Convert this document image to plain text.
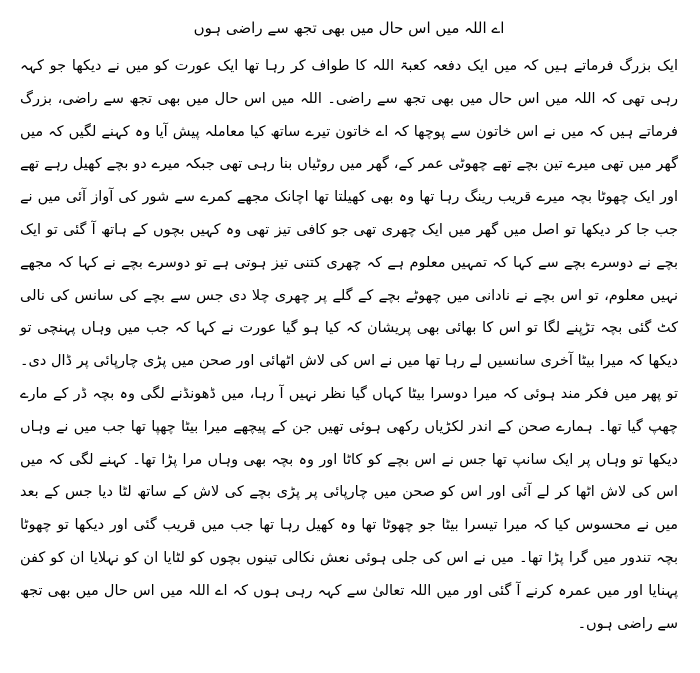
اے اللہ میں اس حال میں بھی تجھ سے راضی ہوں

ایک بزرگ فرماتے ہیں کہ میں ایک دفعہ کعبۃ اللہ کا طواف کر رہا تھا ایک عورت کو میں نے دیکھا جو کہہ رہی تھی کہ اللہ میں اس حال میں بھی تجھ سے راضی۔ اللہ میں اس حال میں بھی تجھ سے راضی، بزرگ فرماتے ہیں کہ میں نے اس خاتون سے پوچھا کہ اے خاتون تیرے ساتھ کیا معاملہ پیش آیا وہ کہنے لگیں کہ میں گھر میں تھی میرے تین بچے تھے چھوٹی عمر کے، گھر میں روٹیاں بنا رہی تھی جبکہ میرے دو بچے کھیل رہے تھے اور ایک چھوٹا بچہ میرے قریب رینگ رہا تھا وہ بھی کھیلتا تھا اچانک مجھے کمرے سے شور کی آواز آئی میں نے جب جا کر دیکھا تو اصل میں گھر میں ایک چھری تھی جو کافی تیز تھی وہ کہیں بچوں کے ہاتھ آ گئی تو ایک بچے نے دوسرے بچے سے کہا کہ تمہیں معلوم ہے کہ چھری کتنی تیز ہوتی ہے تو دوسرے بچے نے کہا کہ مجھے نہیں معلوم، تو اس بچے نے نادانی میں چھوٹے بچے کے گلے پر چھری چلا دی جس سے بچے کی سانس کی نالی کٹ گئی بچہ تڑپنے لگا تو اس کا بھائی بھی پریشان کہ کیا ہو گیا عورت نے کہا کہ جب میں وہاں پہنچی تو دیکھا کہ میرا بیٹا آخری سانسیں لے رہا تھا میں نے اس کی لاش اٹھائی اور صحن میں پڑی چارپائی پر ڈال دی۔ تو پھر میں فکر مند ہوئی کہ میرا دوسرا بیٹا کہاں گیا نظر نہیں آ رہا، میں ڈھونڈنے لگی وہ بچہ ڈر کے مارے چھپ گیا تھا۔ ہمارے صحن کے اندر لکڑیاں رکھی ہوئی تھیں جن کے پیچھے میرا بیٹا چھپا تھا جب میں نے وہاں دیکھا تو وہاں پر ایک سانپ تھا جس نے اس بچے کو کاٹا اور وہ بچہ بھی وہاں مرا پڑا تھا۔ کہنے لگی کہ میں اس کی لاش اٹھا کر لے آئی اور اس کو صحن میں چارپائی پر پڑی بچے کی لاش کے ساتھ لٹا دیا جس کے بعد میں نے محسوس کیا کہ میرا تیسرا بیٹا جو چھوٹا تھا وہ کھیل رہا تھا جب میں قریب گئی اور دیکھا تو چھوٹا بچہ تندور میں گرا پڑا تھا۔ میں نے اس کی جلی ہوئی نعش نکالی تینوں بچوں کو لٹایا ان کو نہلایا ان کو کفن پہنایا اور میں عمرہ کرنے آ گئی اور میں اللہ تعالیٰ سے کہہ رہی ہوں کہ اے اللہ میں اس حال میں بھی تجھ سے راضی ہوں۔
